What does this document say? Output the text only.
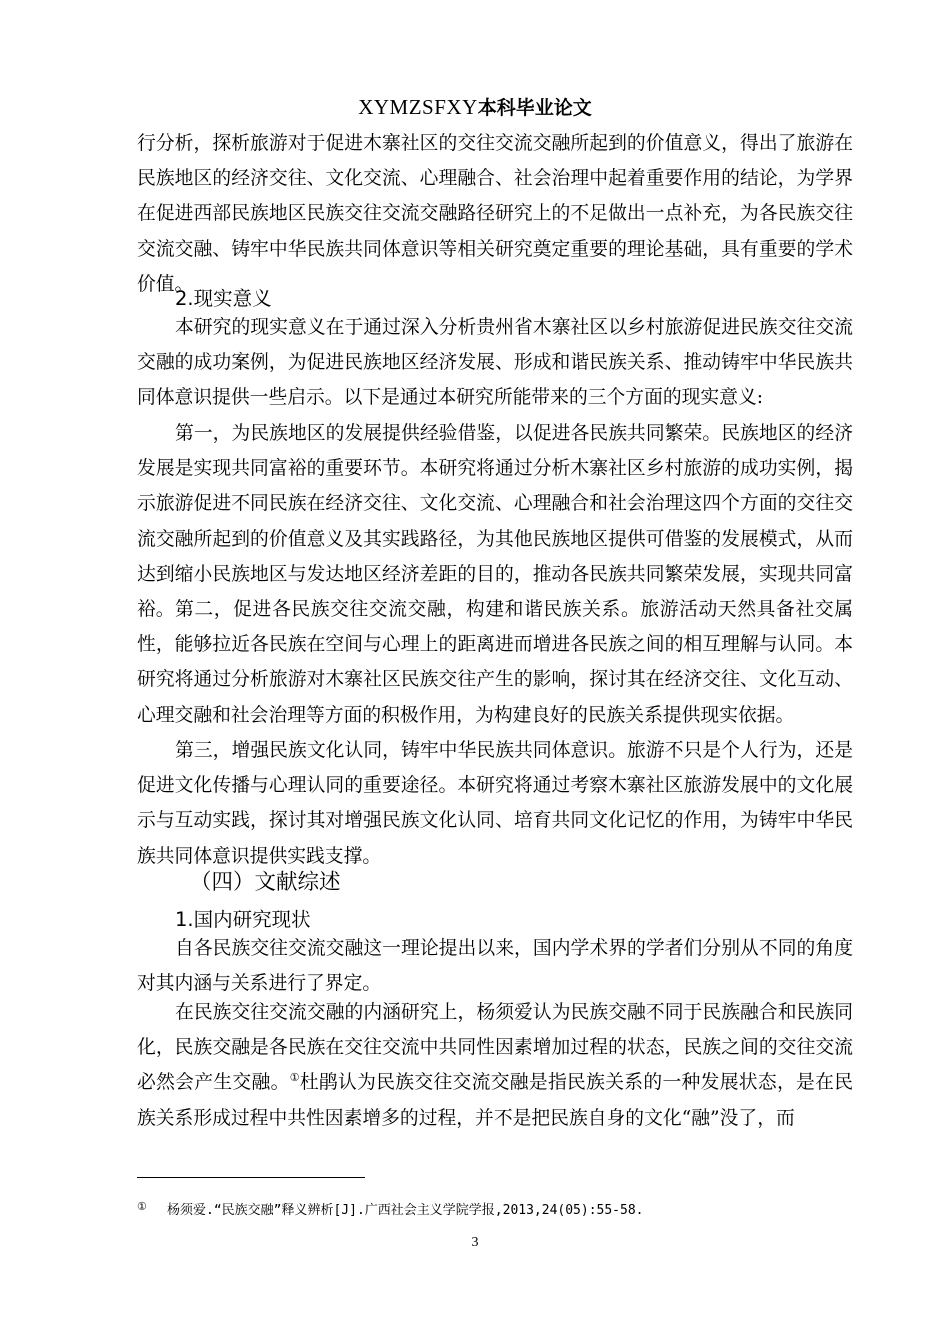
XYMZSFXY本科毕业论文

行分析，探析旅游对于促进木寨社区的交往交流交融所起到的价值意义，得出了旅游在民族地区的经济交往、文化交流、心理融合、社会治理中起着重要作用的结论，为学界在促进西部民族地区民族交往交流交融路径研究上的不足做出一点补充，为各民族交往交流交融、铸牢中华民族共同体意识等相关研究奠定重要的理论基础，具有重要的学术价值。

2.现实意义

本研究的现实意义在于通过深入分析贵州省木寨社区以乡村旅游促进民族交往交流交融的成功案例，为促进民族地区经济发展、形成和谐民族关系、推动铸牢中华民族共同体意识提供一些启示。以下是通过本研究所能带来的三个方面的现实意义:

第一，为民族地区的发展提供经验借鉴，以促进各民族共同繁荣。民族地区的经济发展是实现共同富裕的重要环节。本研究将通过分析木寨社区乡村旅游的成功实例，揭示旅游促进不同民族在经济交往、文化交流、心理融合和社会治理这四个方面的交往交流交融所起到的价值意义及其实践路径，为其他民族地区提供可借鉴的发展模式，从而达到缩小民族地区与发达地区经济差距的目的，推动各民族共同繁荣发展，实现共同富裕。 第二，促进各民族交往交流交融，构建和谐民族关系。旅游活动天然具备社交属性，能够拉近各民族在空间与心理上的距离进而增进各民族之间的相互理解与认同。本研究将通过分析旅游对木寨社区民族交往产生的影响，探讨其在经济交往、文化互动、心理交融和社会治理等方面的积极作用，为构建良好的民族关系提供现实依据。

第三，增强民族文化认同，铸牢中华民族共同体意识。旅游不只是个人行为，还是促进文化传播与心理认同的重要途径。本研究将通过考察木寨社区旅游发展中的文化展示与互动实践，探讨其对增强民族文化认同、培育共同文化记忆的作用，为铸牢中华民族共同体意识提供实践支撑。

（四）文献综述
1.国内研究现状

自各民族交往交流交融这一理论提出以来，国内学术界的学者们分别从不同的角度对其内涵与关系进行了界定。

在民族交往交流交融的内涵研究上，杨须爱认为民族交融不同于民族融合和民族同化，民族交融是各民族在交往交流中共同性因素增加过程的状态，民族之间的交往交流必然会产生交融。①杜鹃认为民族交往交流交融是指民族关系的一种发展状态，是在民族关系形成过程中共性因素增多的过程，并不是把民族自身的文化“融”没了，而

① 杨须爱.“民族交融”释义辨析[J].广西社会主义学院学报,2013,24(05):55-58.
3
